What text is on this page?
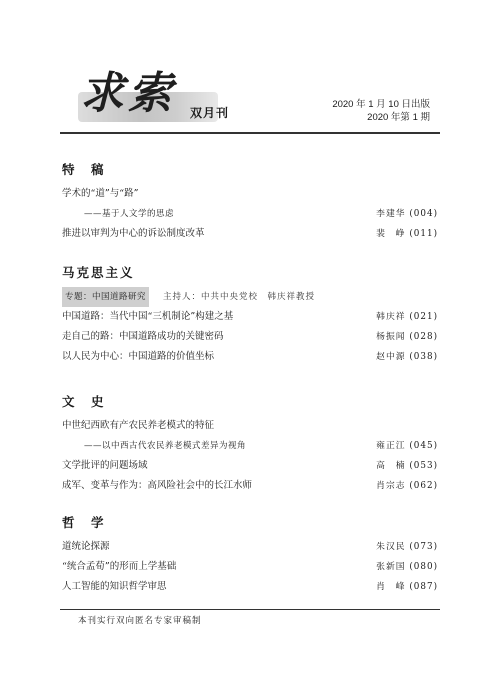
求索 双月刊
2020 年 1 月 10 日出版
2020 年第 1 期
特　稿
学术的“道”与“路”
——基于人文学的思虑	李建华 (004)
推进以审判为中心的诉讼制度改革	裴　峥 (011)
马克思主义
专题：中国道路研究 主持人：中共中央党校　韩庆祥教授
中国道路：当代中国“三机制论”构建之基	韩庆祥 (021)
走自己的路：中国道路成功的关键密码	杨振闻 (028)
以人民为中心：中国道路的价值坐标	赵中源 (038)
文　史
中世纪西欧有产农民养老模式的特征
——以中西古代农民养老模式差异为视角	雍正江 (045)
文学批评的问题场域	高　楠 (053)
成军、变革与作为：高风险社会中的长江水师	肖宗志 (062)
哲　学
道统论探源	朱汉民 (073)
“统合孟荀”的形而上学基础	张新国 (080)
人工智能的知识哲学审思	肖　峰 (087)
本刊实行双向匿名专家审稿制
